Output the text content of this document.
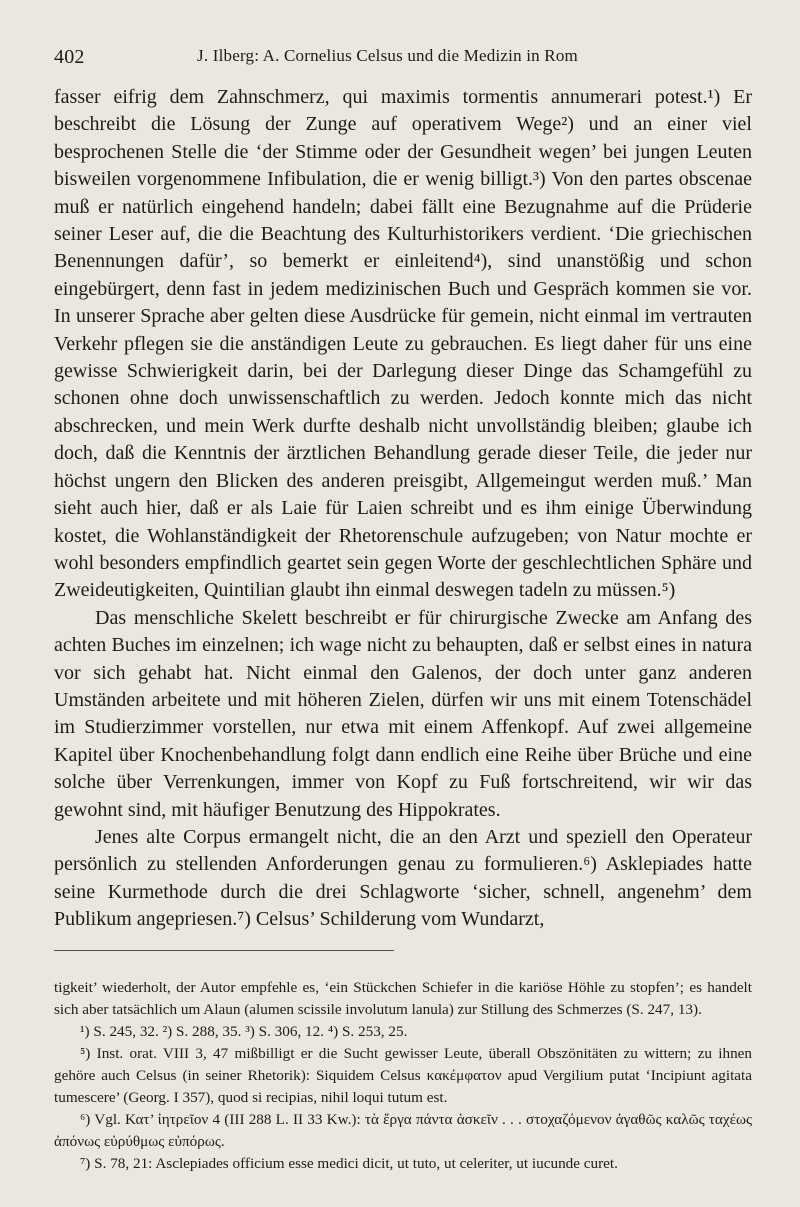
402	J. Ilberg: A. Cornelius Celsus und die Medizin in Rom

fasser eifrig dem Zahnschmerz, qui maximis tormentis annumerari potest.¹) Er beschreibt die Lösung der Zunge auf operativem Wege²) und an einer viel besprochenen Stelle die ‘der Stimme oder der Gesundheit wegen’ bei jungen Leuten bisweilen vorgenommene Infibulation, die er wenig billigt.³) Von den partes obscenae muß er natürlich eingehend handeln; dabei fällt eine Bezugnahme auf die Prüderie seiner Leser auf, die die Beachtung des Kulturhistorikers verdient. ‘Die griechischen Benennungen dafür’, so bemerkt er einleitend⁴), sind unanstößig und schon eingebürgert, denn fast in jedem medizinischen Buch und Gespräch kommen sie vor. In unserer Sprache aber gelten diese Ausdrücke für gemein, nicht einmal im vertrauten Verkehr pflegen sie die anständigen Leute zu gebrauchen. Es liegt daher für uns eine gewisse Schwierigkeit darin, bei der Darlegung dieser Dinge das Schamgefühl zu schonen ohne doch unwissenschaftlich zu werden. Jedoch konnte mich das nicht abschrecken, und mein Werk durfte deshalb nicht unvollständig bleiben; glaube ich doch, daß die Kenntnis der ärztlichen Behandlung gerade dieser Teile, die jeder nur höchst ungern den Blicken des anderen preisgibt, Allgemeingut werden muß.’ Man sieht auch hier, daß er als Laie für Laien schreibt und es ihm einige Überwindung kostet, die Wohlanständigkeit der Rhetorenschule aufzugeben; von Natur mochte er wohl besonders empfindlich geartet sein gegen Worte der geschlechtlichen Sphäre und Zweideutigkeiten, Quintilian glaubt ihn einmal deswegen tadeln zu müssen.⁵)

Das menschliche Skelett beschreibt er für chirurgische Zwecke am Anfang des achten Buches im einzelnen; ich wage nicht zu behaupten, daß er selbst eines in natura vor sich gehabt hat. Nicht einmal den Galenos, der doch unter ganz anderen Umständen arbeitete und mit höheren Zielen, dürfen wir uns mit einem Totenschädel im Studierzimmer vorstellen, nur etwa mit einem Affenkopf. Auf zwei allgemeine Kapitel über Knochenbehandlung folgt dann endlich eine Reihe über Brüche und eine solche über Verrenkungen, immer von Kopf zu Fuß fortschreitend, wir wir das gewohnt sind, mit häufiger Benutzung des Hippokrates.

Jenes alte Corpus ermangelt nicht, die an den Arzt und speziell den Operateur persönlich zu stellenden Anforderungen genau zu formulieren.⁶) Asklepiades hatte seine Kurmethode durch die drei Schlagworte ‘sicher, schnell, angenehm’ dem Publikum angepriesen.⁷) Celsus’ Schilderung vom Wundarzt,

tigkeit’ wiederholt, der Autor empfehle es, ‘ein Stückchen Schiefer in die kariöse Höhle zu stopfen’; es handelt sich aber tatsächlich um Alaun (alumen scissile involutum lanula) zur Stillung des Schmerzes (S. 247, 13).

¹) S. 245, 32. ²) S. 288, 35. ³) S. 306, 12. ⁴) S. 253, 25.

⁵) Inst. orat. VIII 3, 47 mißbilligt er die Sucht gewisser Leute, überall Obszönitäten zu wittern; zu ihnen gehöre auch Celsus (in seiner Rhetorik): Siquidem Celsus κακέμφατον apud Vergilium putat ‘Incipiunt agitata tumescere’ (Georg. I 357), quod si recipias, nihil loqui tutum est.

⁶) Vgl. Κατ’ ἰητρεῖον 4 (III 288 L. II 33 Kw.): τὰ ἔργα πάντα ἀσκεῖν . . . στοχαζόμενον ἀγαθῶς καλῶς ταχέως ἀπόνως εὐρύθμως εὐπόρως.

⁷) S. 78, 21: Asclepiades officium esse medici dicit, ut tuto, ut celeriter, ut iucunde curet.
